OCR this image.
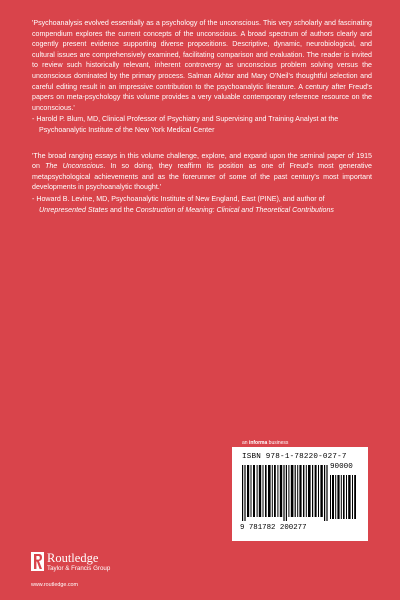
'Psychoanalysis evolved essentially as a psychology of the unconscious. This very scholarly and fascinating compendium explores the current concepts of the unconscious. A broad spectrum of authors clearly and cogently present evidence supporting diverse propositions. Descriptive, dynamic, neurobiological, and cultural issues are comprehensively examined, facilitating comparison and evaluation. The reader is invited to review such historically relevant, inherent controversy as unconscious problem solving versus the unconscious dominated by the primary process. Salman Akhtar and Mary O'Neil's thoughtful selection and careful editing result in an impressive contribution to the psychoanalytic literature. A century after Freud's papers on meta-psychology this volume provides a very valuable contemporary reference resource on the unconscious.'

- Harold P. Blum, MD, Clinical Professor of Psychiatry and Supervising and Training Analyst at the Psychoanalytic Institute of the New York Medical Center

'The broad ranging essays in this volume challenge, explore, and expand upon the seminal paper of 1915 on The Unconscious. In so doing, they reaffirm its position as one of Freud's most generative metapsychological achievements and as the forerunner of some of the past century's most important developments in psychoanalytic thought.'

- Howard B. Levine, MD, Psychoanalytic Institute of New England, East (PINE), and author of Unrepresented States and the Construction of Meaning: Clinical and Theoretical Contributions

an informa business
ISBN 978-1-78220-027-7
9 781782 200277
90000
Routledge
Taylor & Francis Group
www.routledge.com
